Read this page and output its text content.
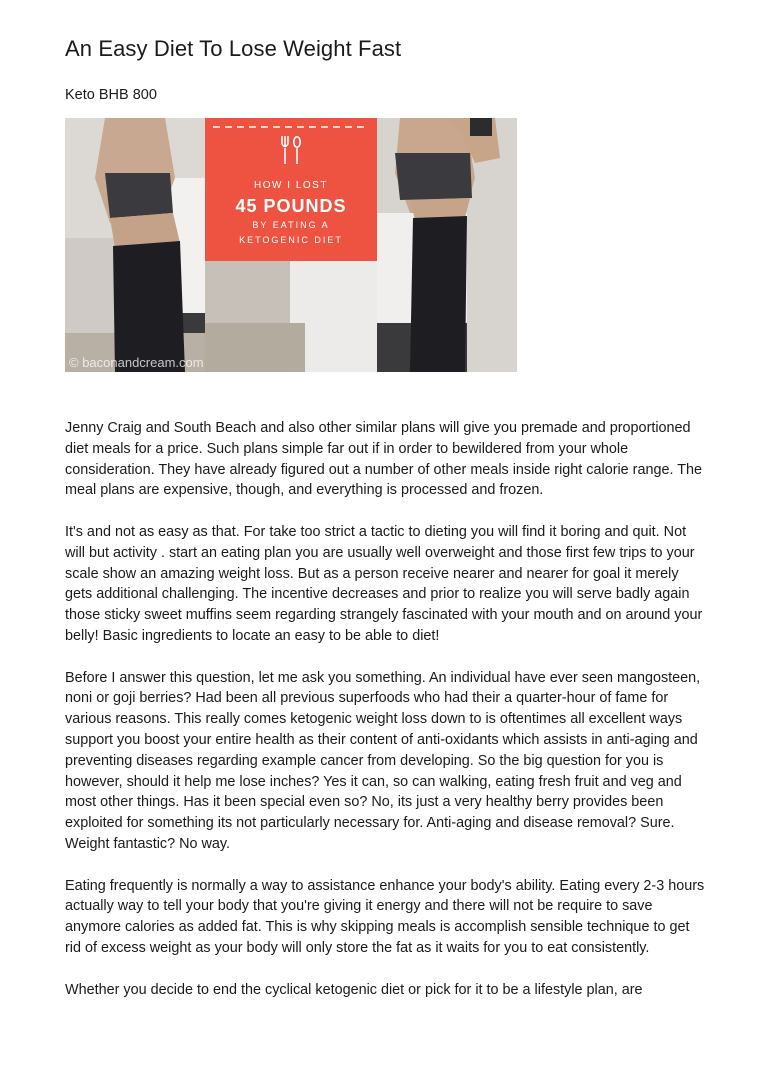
An Easy Diet To Lose Weight Fast
Keto BHB 800
HOW I LOST
45 POUNDS
BY EATING A
KETOGENIC DIET
© baconandcream.com

Jenny Craig and South Beach and also other similar plans will give you premade and proportioned diet meals for a price. Such plans simple far out if in order to bewildered from your whole consideration. They have already figured out a number of other meals inside right calorie range. The meal plans are expensive, though, and everything is processed and frozen.

It's and not as easy as that. For take too strict a tactic to dieting you will find it boring and quit. Not will but activity . start an eating plan you are usually well overweight and those first few trips to your scale show an amazing weight loss. But as a person receive nearer and nearer for goal it merely gets additional challenging. The incentive decreases and prior to realize you will serve badly again those sticky sweet muffins seem regarding strangely fascinated with your mouth and on around your belly! Basic ingredients to locate an easy to be able to diet!

Before I answer this question, let me ask you something. An individual have ever seen mangosteen, noni or goji berries? Had been all previous superfoods who had their a quarter-hour of fame for various reasons. This really comes ketogenic weight loss down to is oftentimes all excellent ways support you boost your entire health as their content of anti-oxidants which assists in anti-aging and preventing diseases regarding example cancer from developing. So the big question for you is however, should it help me lose inches? Yes it can, so can walking, eating fresh fruit and veg and most other things. Has it been special even so? No, its just a very healthy berry provides been exploited for something its not particularly necessary for. Anti-aging and disease removal? Sure. Weight fantastic? No way.

Eating frequently is normally a way to assistance enhance your body's ability. Eating every 2-3 hours actually way to tell your body that you're giving it energy and there will not be require to save anymore calories as added fat. This is why skipping meals is accomplish sensible technique to get rid of excess weight as your body will only store the fat as it waits for you to eat consistently.

Whether you decide to end the cyclical ketogenic diet or pick for it to be a lifestyle plan, are
